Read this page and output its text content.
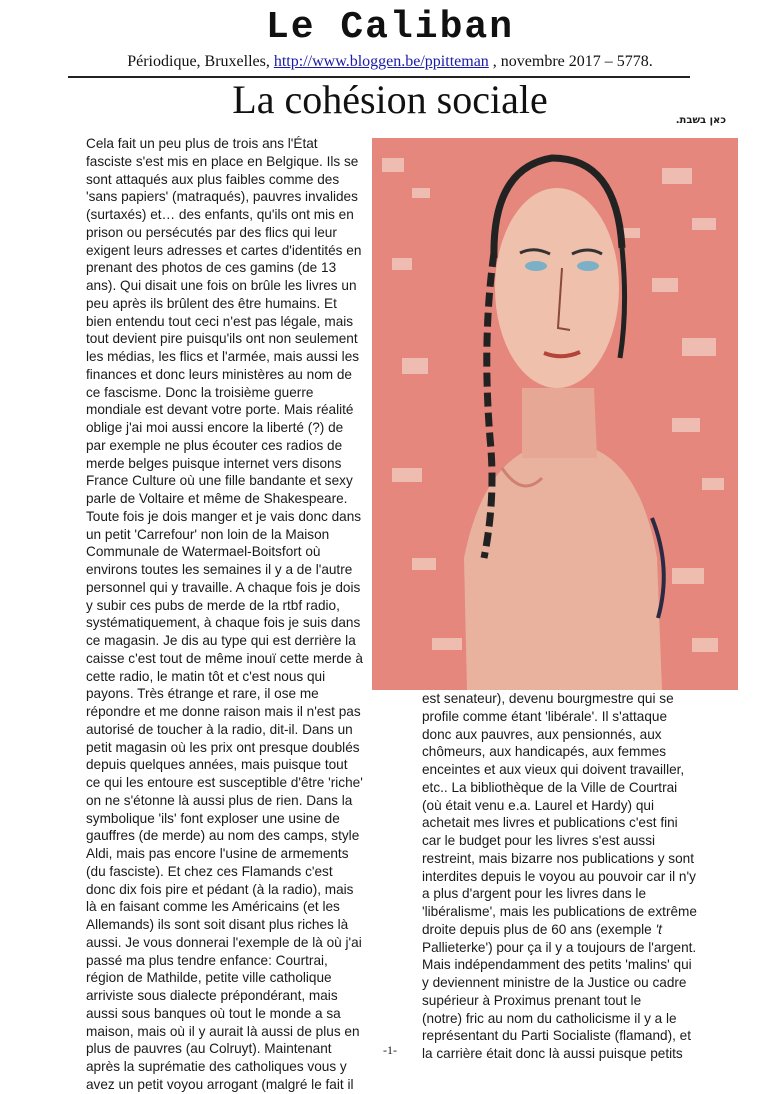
Le Caliban
Périodique, Bruxelles, http://www.bloggen.be/ppitteman , novembre 2017 – 5778.
La cohésion sociale	כאן בשבת.

Cela fait un peu plus de trois ans l'État

fasciste s'est mis en place en Belgique. Ils se

sont attaqués aux plus faibles comme des

'sans papiers' (matraqués), pauvres invalides

(surtaxés) et… des enfants, qu'ils ont mis en

prison ou persécutés par des flics qui leur

exigent leurs adresses et cartes d'identités en

prenant des photos de ces gamins (de 13

ans). Qui disait une fois on brûle les livres un

peu après ils brûlent des être humains. Et

bien entendu tout ceci n'est pas légale, mais

tout devient pire puisqu'ils ont non seulement

les médias, les flics et l'armée, mais aussi les

finances et donc leurs ministères au nom de

ce fascisme. Donc la troisième guerre

mondiale est devant votre porte. Mais réalité

oblige j'ai moi aussi encore la liberté (?) de

par exemple ne plus écouter ces radios de

merde belges puisque internet vers disons

France Culture où une fille bandante et sexy

parle de Voltaire et même de Shakespeare.

Toute fois je dois manger et je vais donc dans

un petit 'Carrefour' non loin de la Maison

Communale de Watermael-Boitsfort où

environs toutes les semaines il y a de l'autre

personnel qui y travaille. A chaque fois je dois

y subir ces pubs de merde de la rtbf radio,

systématiquement, à chaque fois je suis dans

ce magasin. Je dis au type qui est derrière la

caisse c'est tout de même inouï cette merde à

cette radio, le matin tôt et c'est nous qui

payons. Très étrange et rare, il ose me

répondre et me donne raison mais il n'est pas

autorisé de toucher à la radio, dit-il. Dans un

petit magasin où les prix ont presque doublés

depuis quelques années, mais puisque tout

ce qui les entoure est susceptible d'être 'riche'

on ne s'étonne là aussi plus de rien. Dans la

symbolique 'ils' font exploser une usine de

gauffres (de merde) au nom des camps, style

Aldi, mais pas encore l'usine de armements

(du fasciste). Et chez ces Flamands c'est

donc dix fois pire et pédant (à la radio), mais

là en faisant comme les Américains (et les

Allemands) ils sont soit disant plus riches là

aussi. Je vous donnerai l'exemple de là où j'ai

passé ma plus tendre enfance: Courtrai,

région de Mathilde, petite ville catholique

arriviste sous dialecte prépondérant, mais

aussi sous banques où tout le monde a sa

maison, mais où il y aurait là aussi de plus en

plus de pauvres (au Colruyt). Maintenant

après la suprématie des catholiques vous y

avez un petit voyou arrogant (malgré le fait il

est senateur), devenu bourgmestre qui se

profile comme étant 'libérale'. Il s'attaque

donc aux pauvres, aux pensionnés, aux

chômeurs, aux handicapés, aux femmes

enceintes et aux vieux qui doivent travailler,

etc.. La bibliothèque de la Ville de Courtrai

(où était venu e.a. Laurel et Hardy) qui

achetait mes livres et publications c'est fini

car le budget pour les livres s'est aussi

restreint, mais bizarre nos publications y sont

interdites depuis le voyou au pouvoir car il n'y

a plus d'argent pour les livres dans le

'libéralisme', mais les publications de extrême

droite depuis plus de 60 ans (exemple 't

Pallieterke') pour ça il y a toujours de l'argent.

Mais indépendamment des petits 'malins' qui

y deviennent ministre de la Justice ou cadre

supérieur à Proximus prenant tout le

(notre) fric au nom du catholicisme il y a le

représentant du Parti Socialiste (flamand), et

la carrière était donc là aussi puisque petits

-1-
